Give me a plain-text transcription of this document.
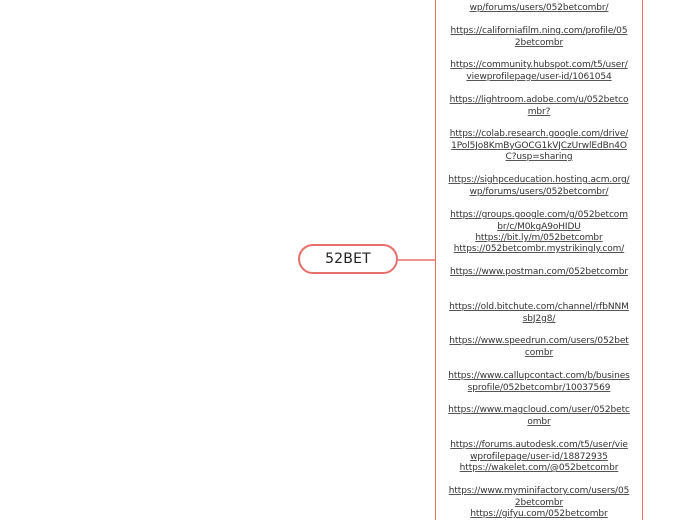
52BET

wp/forums/users/052betcombr/

https://californiafilm.ning.com/profile/052betcombr

https://community.hubspot.com/t5/user/viewprofilepage/user-id/1061054

https://lightroom.adobe.com/u/052betcombr?

https://colab.research.google.com/drive/1Pol5Jo8KmByGOCG1kVJCzUrwlEdBn4OC?usp=sharing

https://sighpceducation.hosting.acm.org/wp/forums/users/052betcombr/

https://groups.google.com/g/052betcombr/c/M0kgA9oHIDU

https://bit.ly/m/052betcombr

https://052betcombr.mystrikingly.com/

https://www.postman.com/052betcombr

https://old.bitchute.com/channel/rfbNNMsbJ2g8/

https://www.speedrun.com/users/052betcombr

https://www.callupcontact.com/b/businessprofile/052betcombr/10037569

https://www.magcloud.com/user/052betcombr

https://forums.autodesk.com/t5/user/viewprofilepage/user-id/18872935

https://wakelet.com/@052betcombr

https://www.myminifactory.com/users/052betcombr

https://gifyu.com/052betcombr
